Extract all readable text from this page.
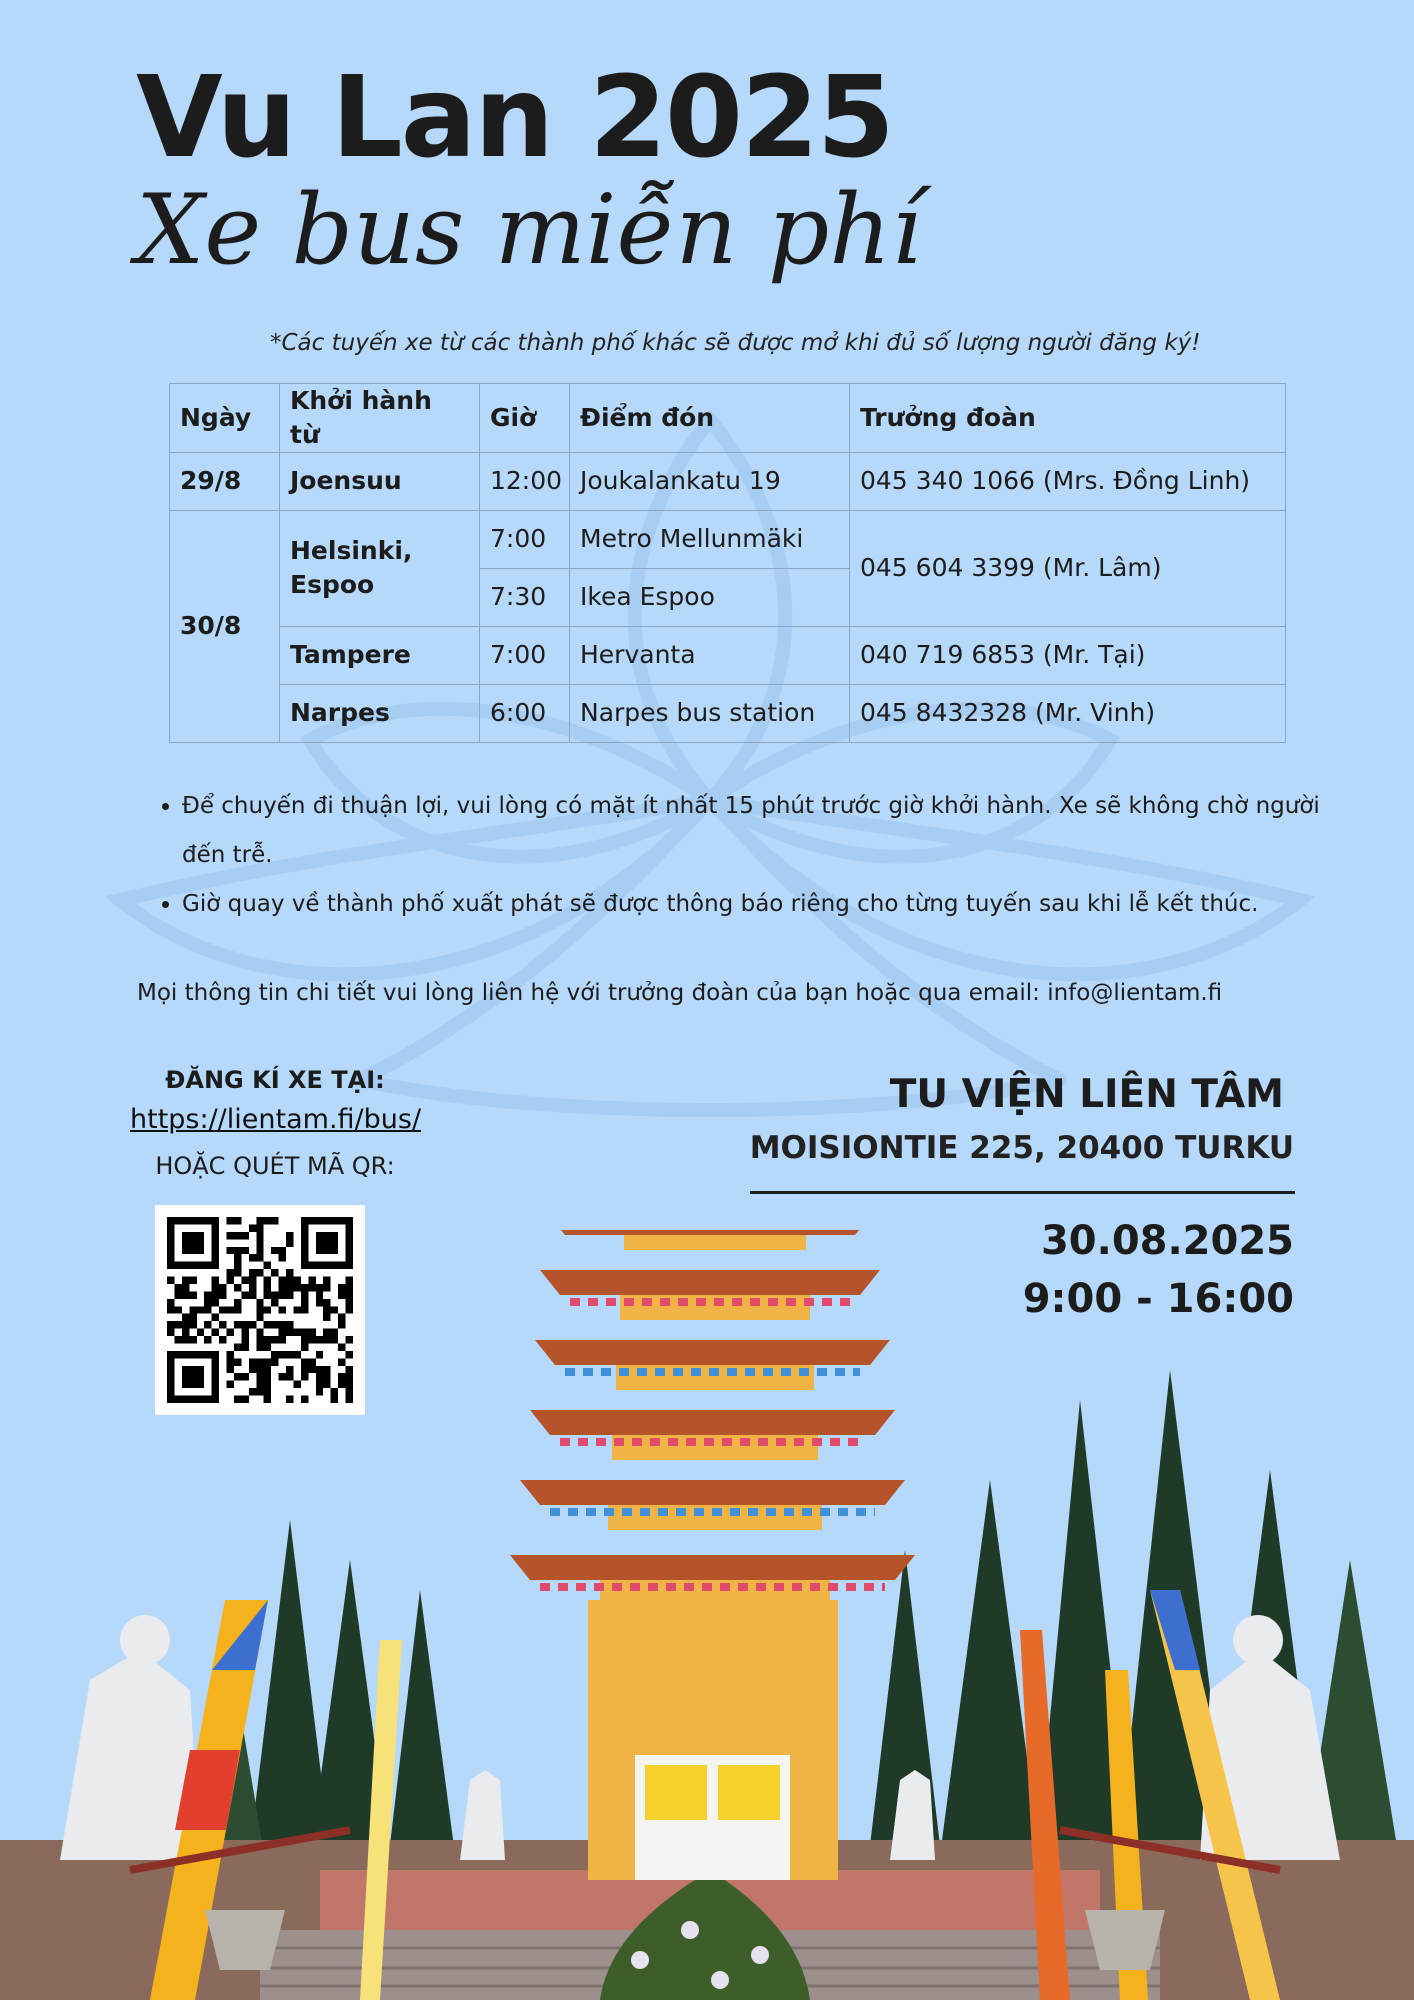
Vu Lan 2025
Xe bus miễn phí
*Các tuyến xe từ các thành phố khác sẽ được mở khi đủ số lượng người đăng ký!
Ngày	Khởi hành từ	Giờ	Điểm đón	Trưởng đoàn
29/8	Joensuu	12:00	Joukalankatu 19	045 340 1066 (Mrs. Đồng Linh)
30/8	Helsinki, Espoo	7:00	Metro Mellunmäki	045 604 3399 (Mr. Lâm)
		7:30	Ikea Espoo	
	Tampere	7:00	Hervanta	040 719 6853 (Mr. Tại)
	Narpes	6:00	Narpes bus station	045 8432328 (Mr. Vinh)
• Để chuyến đi thuận lợi, vui lòng có mặt ít nhất 15 phút trước giờ khởi hành. Xe sẽ không chờ người đến trễ.
• Giờ quay về thành phố xuất phát sẽ được thông báo riêng cho từng tuyến sau khi lễ kết thúc.
Mọi thông tin chi tiết vui lòng liên hệ với trưởng đoàn của bạn hoặc qua email: info@lientam.fi
ĐĂNG KÍ XE TẠI:
https://lientam.fi/bus/
HOẶC QUÉT MÃ QR:
TU VIỆN LIÊN TÂM
MOISIONTIE 225, 20400 TURKU
30.08.2025
9:00 - 16:00
